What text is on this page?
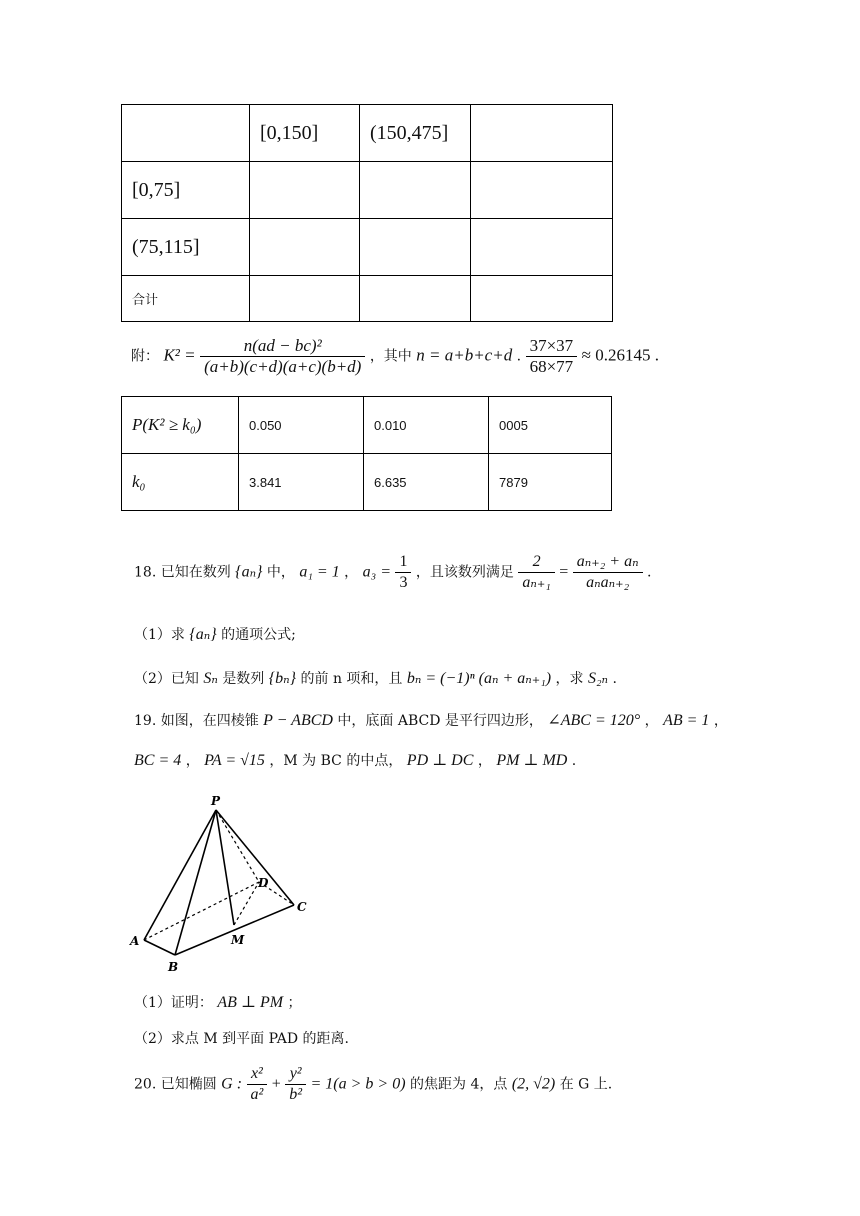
	[0,150]	(150,475]	
[0,75]			
(75,115]			
合计			
附： $K^2 = \frac{\text{n(ad − bc)²}}{(a+b)(c+d)(a+c)(b+d)}$ ，其中 n = a+b+c+d . $\frac{37\times 37}{68\times 77} \approx 0.26145$ .
P(K² ≥ k₀)	0.050	0.010	0005
k₀	3.841	6.635	7879
18. 已知在数列 {aₙ} 中， a₁ = 1 ， $a_3 = \frac{1}{3}$ ，且该数列满足 $\frac{2}{\text{aₙ₊₁}} = \frac{\text{aₙ₊₂ + aₙ}}{\text{aₙaₙ₊₂}}$ .
（1）求 {aₙ} 的通项公式;
（2）已知 Sₙ 是数列 {bₙ} 的前 n 项和，且 bₙ = (−1)ⁿ (aₙ + aₙ₊₁) ，求 S₂ₙ .
19. 如图，在四棱锥 P − ABCD 中，底面 ABCD 是平行四边形， ∠ABC = 120° ， AB = 1 ，
BC = 4 ， PA = √15 ，M 为 BC 的中点， PD ⊥ DC ， PM ⊥ MD .
P
D
C
A	M
B
（1）证明： AB ⊥ PM ；
（2）求点 M 到平面 PAD 的距离.
20. 已知椭圆 G : $\frac{\text{x²}}{\text{a²}} + \frac{\text{y²}}{\text{b²}} = 1(a > b > 0)$ 的焦距为 4，点 (2, √2) 在 G 上.
